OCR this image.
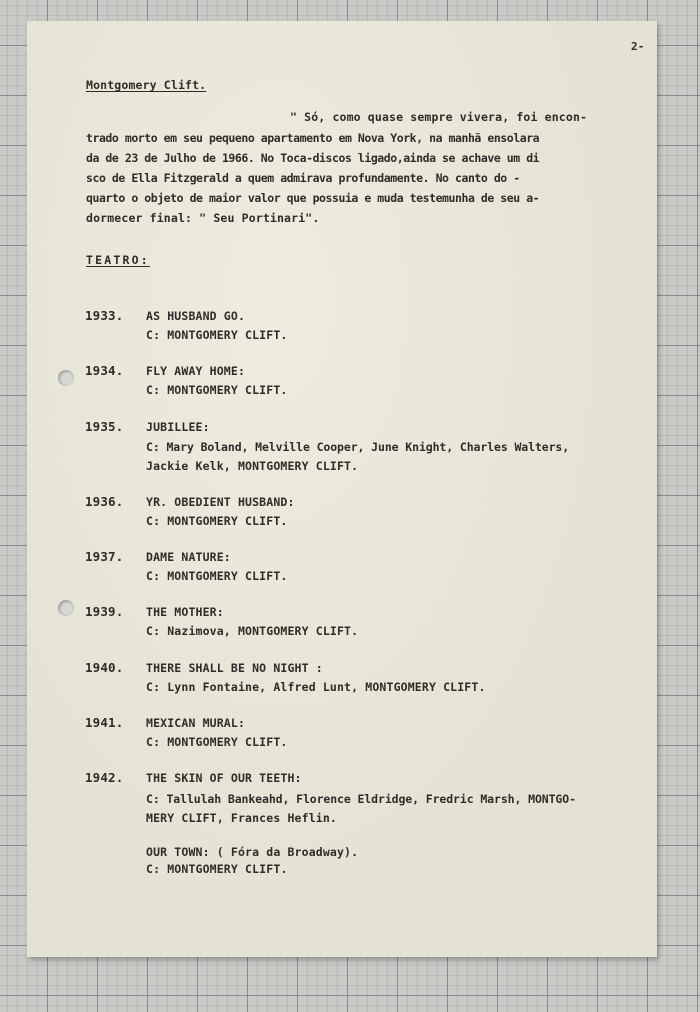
2-
Montgomery Clift.
" Só, como quase sempre vivera, foi encon-
trado morto em seu pequeno apartamento em Nova York, na manhã ensolara
da de 23 de Julho de 1966. No Toca-discos ligado,ainda se achave um di
sco de Ella Fitzgerald a quem admirava profundamente. No canto do -
quarto o objeto de maior valor que possuia e muda testemunha de seu a-
dormecer final: " Seu Portinari".
TEATRO:
1933. AS HUSBAND GO.
C: MONTGOMERY CLIFT.
1934. FLY AWAY HOME:
C: MONTGOMERY CLIFT.
1935. JUBILLEE:
C: Mary Boland, Melville Cooper, June Knight, Charles Walters,
Jackie Kelk, MONTGOMERY CLIFT.
1936. YR. OBEDIENT HUSBAND:
C: MONTGOMERY CLIFT.
1937. DAME NATURE:
C: MONTGOMERY CLIFT.
1939. THE MOTHER:
C: Nazimova, MONTGOMERY CLIFT.
1940. THERE SHALL BE NO NIGHT :
C: Lynn Fontaine, Alfred Lunt, MONTGOMERY CLIFT.
1941. MEXICAN MURAL:
C: MONTGOMERY CLIFT.
1942. THE SKIN OF OUR TEETH:
C: Tallulah Bankeahd, Florence Eldridge, Fredric Marsh, MONTGO-
MERY CLIFT, Frances Heflin.
OUR TOWN: ( Fóra da Broadway).
C: MONTGOMERY CLIFT.
